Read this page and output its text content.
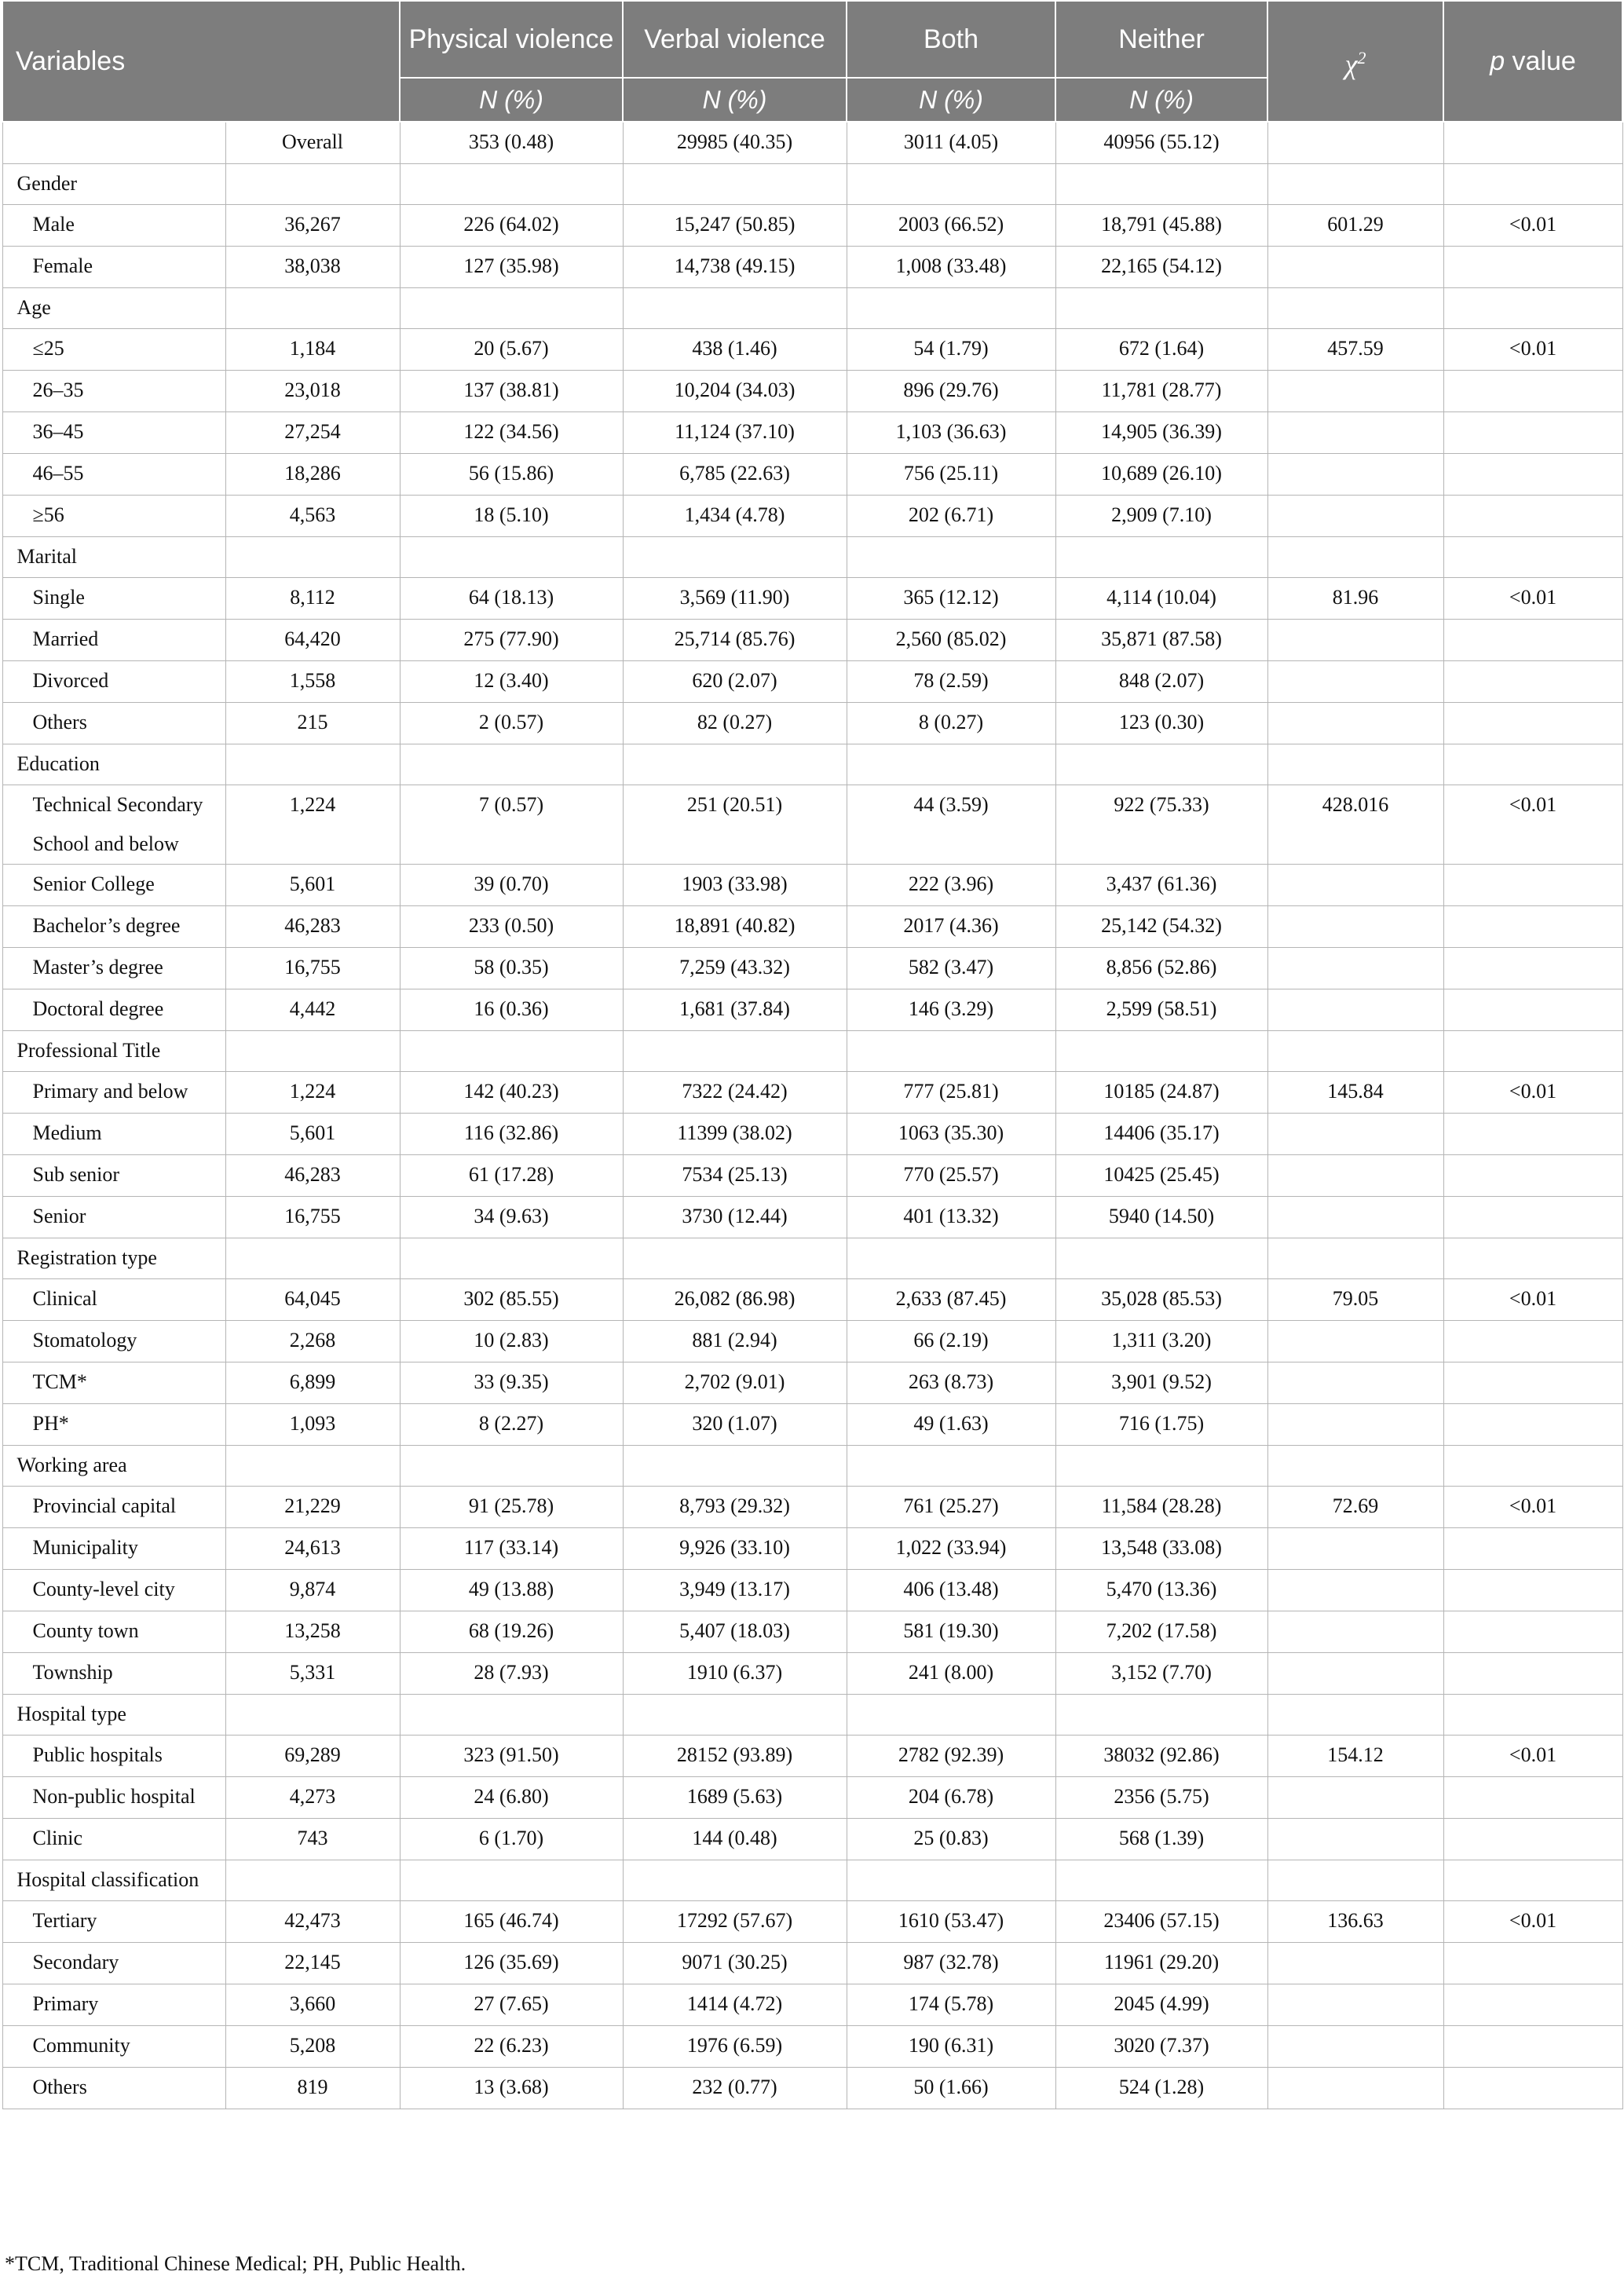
Variables		Physical violence	Verbal violence	Both	Neither	$\chi^2$	p value
		N (%)	N (%)	N (%)	N (%)		
	Overall	353 (0.48)	29985 (40.35)	3011 (4.05)	40956 (55.12)		
Gender							
Male	36,267	226 (64.02)	15,247 (50.85)	2003 (66.52)	18,791 (45.88)	601.29	<0.01
Female	38,038	127 (35.98)	14,738 (49.15)	1,008 (33.48)	22,165 (54.12)		
Age							
≤25	1,184	20 (5.67)	438 (1.46)	54 (1.79)	672 (1.64)	457.59	<0.01
26–35	23,018	137 (38.81)	10,204 (34.03)	896 (29.76)	11,781 (28.77)		
36–45	27,254	122 (34.56)	11,124 (37.10)	1,103 (36.63)	14,905 (36.39)		
46–55	18,286	56 (15.86)	6,785 (22.63)	756 (25.11)	10,689 (26.10)		
≥56	4,563	18 (5.10)	1,434 (4.78)	202 (6.71)	2,909 (7.10)		
Marital							
Single	8,112	64 (18.13)	3,569 (11.90)	365 (12.12)	4,114 (10.04)	81.96	<0.01
Married	64,420	275 (77.90)	25,714 (85.76)	2,560 (85.02)	35,871 (87.58)		
Divorced	1,558	12 (3.40)	620 (2.07)	78 (2.59)	848 (2.07)		
Others	215	2 (0.57)	82 (0.27)	8 (0.27)	123 (0.30)		
Education							
Technical Secondary School and below	1,224	7 (0.57)	251 (20.51)	44 (3.59)	922 (75.33)	428.016	<0.01
Senior College	5,601	39 (0.70)	1903 (33.98)	222 (3.96)	3,437 (61.36)		
Bachelor’s degree	46,283	233 (0.50)	18,891 (40.82)	2017 (4.36)	25,142 (54.32)		
Master’s degree	16,755	58 (0.35)	7,259 (43.32)	582 (3.47)	8,856 (52.86)		
Doctoral degree	4,442	16 (0.36)	1,681 (37.84)	146 (3.29)	2,599 (58.51)		
Professional Title							
Primary and below	1,224	142 (40.23)	7322 (24.42)	777 (25.81)	10185 (24.87)	145.84	<0.01
Medium	5,601	116 (32.86)	11399 (38.02)	1063 (35.30)	14406 (35.17)		
Sub senior	46,283	61 (17.28)	7534 (25.13)	770 (25.57)	10425 (25.45)		
Senior	16,755	34 (9.63)	3730 (12.44)	401 (13.32)	5940 (14.50)		
Registration type							
Clinical	64,045	302 (85.55)	26,082 (86.98)	2,633 (87.45)	35,028 (85.53)	79.05	<0.01
Stomatology	2,268	10 (2.83)	881 (2.94)	66 (2.19)	1,311 (3.20)		
TCM*	6,899	33 (9.35)	2,702 (9.01)	263 (8.73)	3,901 (9.52)		
PH*	1,093	8 (2.27)	320 (1.07)	49 (1.63)	716 (1.75)		
Working area							
Provincial capital	21,229	91 (25.78)	8,793 (29.32)	761 (25.27)	11,584 (28.28)	72.69	<0.01
Municipality	24,613	117 (33.14)	9,926 (33.10)	1,022 (33.94)	13,548 (33.08)		
County-level city	9,874	49 (13.88)	3,949 (13.17)	406 (13.48)	5,470 (13.36)		
County town	13,258	68 (19.26)	5,407 (18.03)	581 (19.30)	7,202 (17.58)		
Township	5,331	28 (7.93)	1910 (6.37)	241 (8.00)	3,152 (7.70)		
Hospital type							
Public hospitals	69,289	323 (91.50)	28152 (93.89)	2782 (92.39)	38032 (92.86)	154.12	<0.01
Non-public hospital	4,273	24 (6.80)	1689 (5.63)	204 (6.78)	2356 (5.75)		
Clinic	743	6 (1.70)	144 (0.48)	25 (0.83)	568 (1.39)		
Hospital classification							
Tertiary	42,473	165 (46.74)	17292 (57.67)	1610 (53.47)	23406 (57.15)	136.63	<0.01
Secondary	22,145	126 (35.69)	9071 (30.25)	987 (32.78)	11961 (29.20)		
Primary	3,660	27 (7.65)	1414 (4.72)	174 (5.78)	2045 (4.99)		
Community	5,208	22 (6.23)	1976 (6.59)	190 (6.31)	3020 (7.37)		
Others	819	13 (3.68)	232 (0.77)	50 (1.66)	524 (1.28)		
*TCM, Traditional Chinese Medical; PH, Public Health.
